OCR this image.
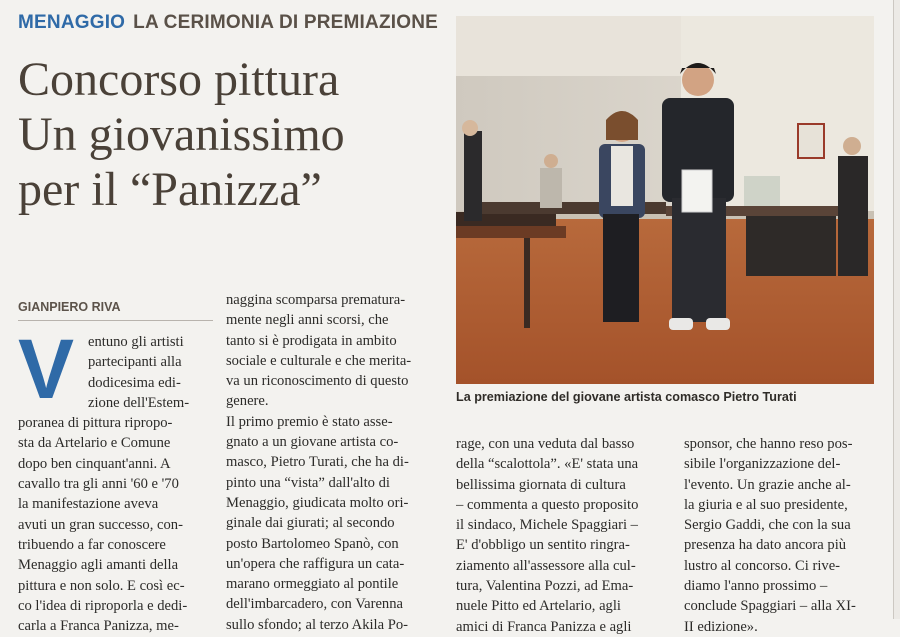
MENAGGIO LA CERIMONIA DI PREMIAZIONE
Concorso pittura
Un giovanissimo
per il “Panizza”
GIANPIERO RIVA
V entuno gli artisti
partecipanti alla
dodicesima edi-
zione dell'Estem-
poranea di pittura ripropo-
sta da Artelario e Comune
dopo ben cinquant'anni. A
cavallo tra gli anni '60 e '70
la manifestazione aveva
avuti un gran successo, con-
tribuendo a far conoscere
Menaggio agli amanti della
pittura e non solo. E così ec-
co l'idea di riproporla e dedi-
carla a Franca Panizza, me-
naggina scomparsa prematura-
mente negli anni scorsi, che
tanto si è prodigata in ambito
sociale e culturale e che merita-
va un riconoscimento di questo
genere.
Il primo premio è stato asse-
gnato a un giovane artista co-
masco, Pietro Turati, che ha di-
pinto una “vista” dall'alto di
Menaggio, giudicata molto ori-
ginale dai giurati; al secondo
posto Bartolomeo Spanò, con
un'opera che raffigura un cata-
marano ormeggiato al pontile
dell'imbarcadero, con Varenna
sullo sfondo; al terzo Akila Po-
La premiazione del giovane artista comasco Pietro Turati
rage, con una veduta dal basso
della “scalottola”. «E' stata una
bellissima giornata di cultura
– commenta a questo proposito
il sindaco, Michele Spaggiari –
E' d'obbligo un sentito ringra-
ziamento all'assessore alla cul-
tura, Valentina Pozzi, ad Ema-
nuele Pitto ed Artelario, agli
amici di Franca Panizza e agli
sponsor, che hanno reso pos-
sibile l'organizzazione del-
l'evento. Un grazie anche al-
la giuria e al suo presidente,
Sergio Gaddi, che con la sua
presenza ha dato ancora più
lustro al concorso. Ci rive-
diamo l'anno prossimo –
conclude Spaggiari – alla XI-
II edizione».
